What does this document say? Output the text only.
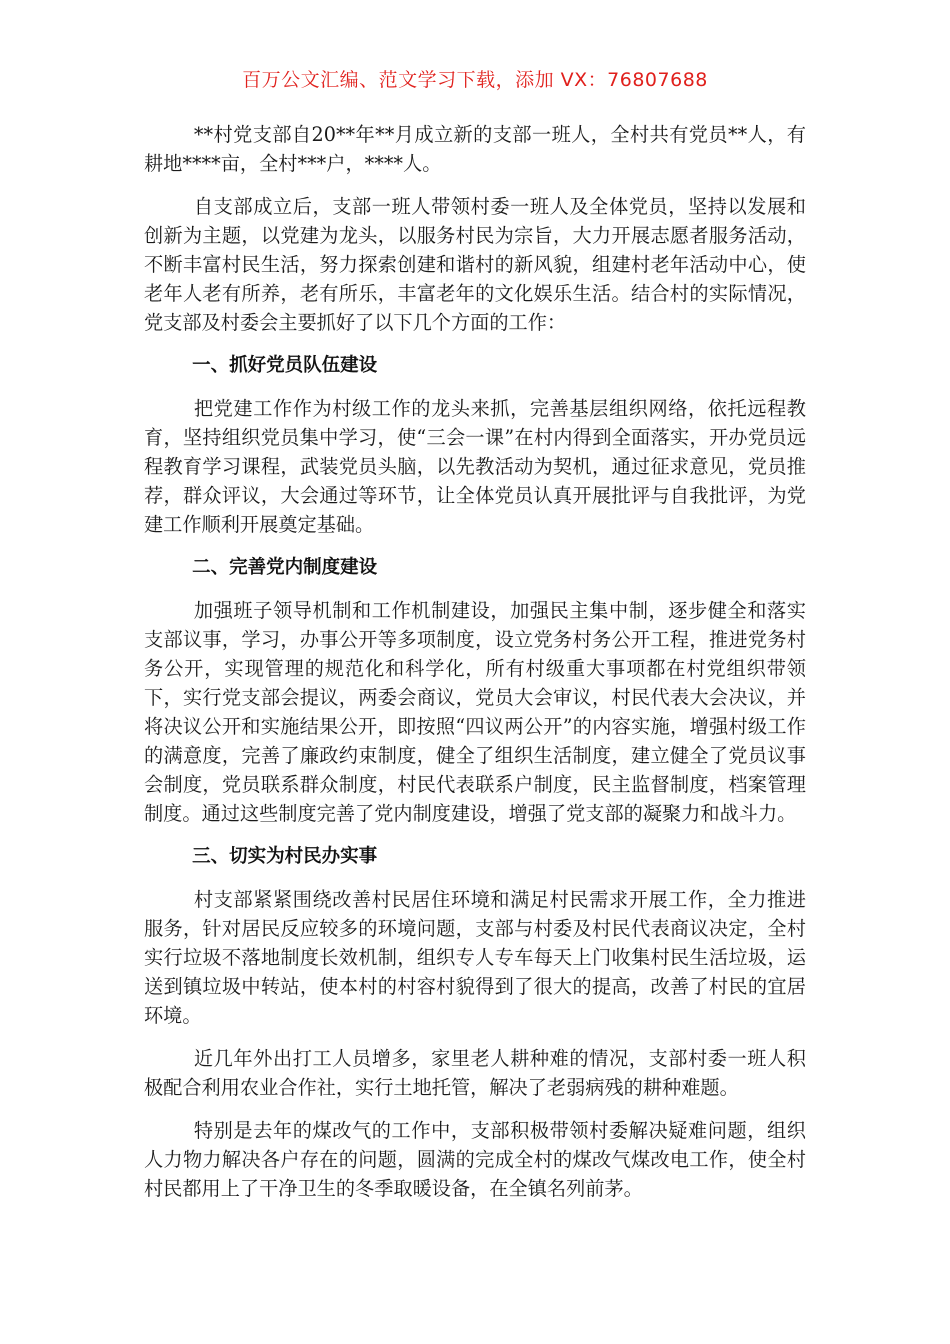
百万公文汇编、范文学习下载，添加 VX：76807688

**村党支部自20**年**月成立新的支部一班人，全村共有党员**人，有耕地****亩，全村***户，****人。

自支部成立后，支部一班人带领村委一班人及全体党员，坚持以发展和创新为主题，以党建为龙头，以服务村民为宗旨，大力开展志愿者服务活动，不断丰富村民生活，努力探索创建和谐村的新风貌，组建村老年活动中心，使老年人老有所养，老有所乐，丰富老年的文化娱乐生活。结合村的实际情况，党支部及村委会主要抓好了以下几个方面的工作：

一、抓好党员队伍建设

把党建工作作为村级工作的龙头来抓，完善基层组织网络，依托远程教育，坚持组织党员集中学习，使“三会一课”在村内得到全面落实，开办党员远程教育学习课程，武装党员头脑，以先教活动为契机，通过征求意见，党员推荐，群众评议，大会通过等环节，让全体党员认真开展批评与自我批评，为党建工作顺利开展奠定基础。

二、完善党内制度建设

加强班子领导机制和工作机制建设，加强民主集中制，逐步健全和落实支部议事，学习，办事公开等多项制度，设立党务村务公开工程，推进党务村务公开，实现管理的规范化和科学化，所有村级重大事项都在村党组织带领下，实行党支部会提议，两委会商议，党员大会审议，村民代表大会决议，并将决议公开和实施结果公开，即按照“四议两公开”的内容实施，增强村级工作的满意度，完善了廉政约束制度，健全了组织生活制度，建立健全了党员议事会制度，党员联系群众制度，村民代表联系户制度，民主监督制度，档案管理制度。通过这些制度完善了党内制度建设，增强了党支部的凝聚力和战斗力。

三、切实为村民办实事

村支部紧紧围绕改善村民居住环境和满足村民需求开展工作，全力推进服务，针对居民反应较多的环境问题，支部与村委及村民代表商议决定，全村实行垃圾不落地制度长效机制，组织专人专车每天上门收集村民生活垃圾，运送到镇垃圾中转站，使本村的村容村貌得到了很大的提高，改善了村民的宜居环境。

近几年外出打工人员增多，家里老人耕种难的情况，支部村委一班人积极配合利用农业合作社，实行土地托管，解决了老弱病残的耕种难题。

特别是去年的煤改气的工作中，支部积极带领村委解决疑难问题，组织人力物力解决各户存在的问题，圆满的完成全村的煤改气煤改电工作，使全村村民都用上了干净卫生的冬季取暖设备，在全镇名列前茅。
